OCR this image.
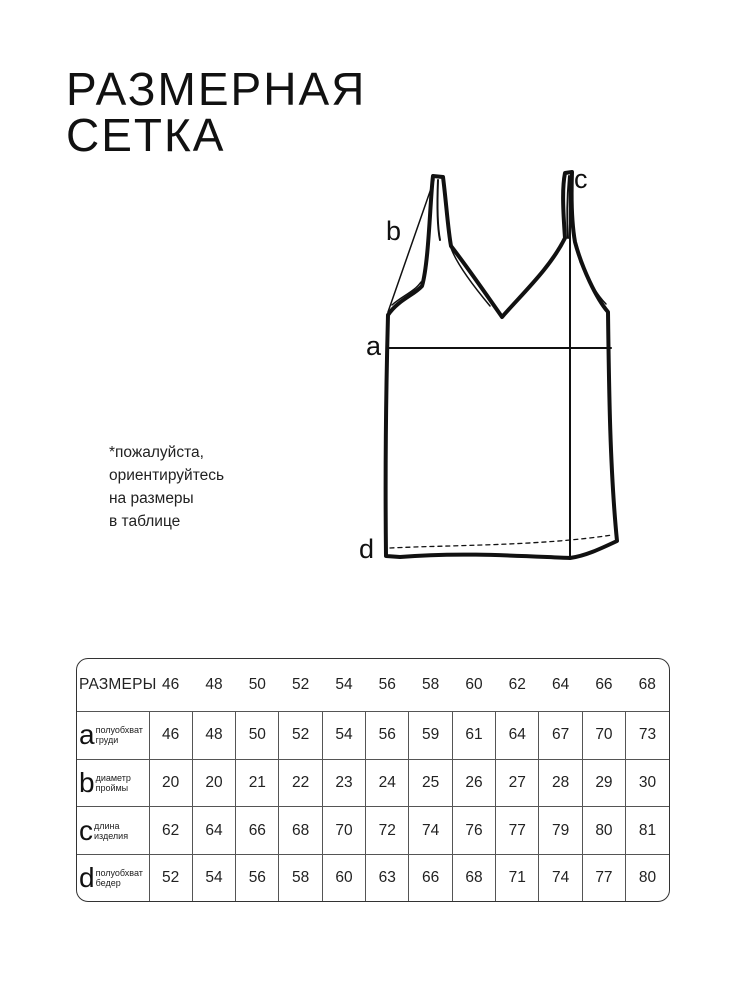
РАЗМЕРНАЯ
СЕТКА
b
c
a
d
*пожалуйста,
ориентируйтесь
на размеры
в таблице
РАЗМЕРЫ	46	48	50	52	54	56	58	60	62	64	66	68
a полуобхват
груди	46	48	50	52	54	56	59	61	64	67	70	73
b диаметр
проймы	20	20	21	22	23	24	25	26	27	28	29	30
c длина
изделия	62	64	66	68	70	72	74	76	77	79	80	81
d полуобхват
бедер	52	54	56	58	60	63	66	68	71	74	77	80
